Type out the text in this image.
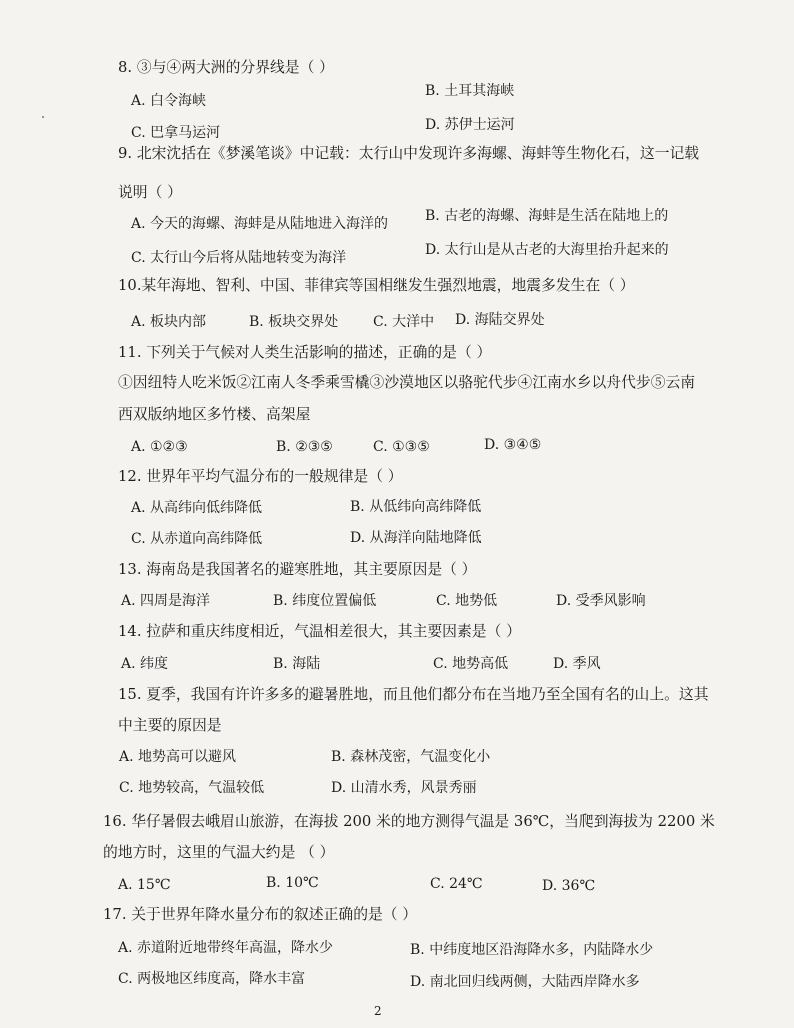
8. ③与④两大洲的分界线是（ ）
A. 白令海峡
B. 土耳其海峡
C. 巴拿马运河	D. 苏伊士运河
9. 北宋沈括在《梦溪笔谈》中记载：太行山中发现许多海螺、海蚌等生物化石，这一记载
说明（ ）
A. 今天的海螺、海蚌是从陆地进入海洋的	B. 古老的海螺、海蚌是生活在陆地上的
C. 太行山今后将从陆地转变为海洋	D. 太行山是从古老的大海里抬升起来的
10.某年海地、智利、中国、菲律宾等国相继发生强烈地震，地震多发生在（ ）
A. 板块内部	B. 板块交界处 C. 大洋中 D. 海陆交界处
11. 下列关于气候对人类生活影响的描述，正确的是（ ）
①因纽特人吃米饭②江南人冬季乘雪橇③沙漠地区以骆驼代步④江南水乡以舟代步⑤云南
西双版纳地区多竹楼、高架屋
A. ①②③	B. ②③⑤	C. ①③⑤	D. ③④⑤
12. 世界年平均气温分布的一般规律是（ ）
A. 从高纬向低纬降低	B. 从低纬向高纬降低
C. 从赤道向高纬降低	D. 从海洋向陆地降低
13. 海南岛是我国著名的避寒胜地，其主要原因是（ ）
A. 四周是海洋	B. 纬度位置偏低	C. 地势低	D. 受季风影响
14. 拉萨和重庆纬度相近，气温相差很大，其主要因素是（ ）
A. 纬度	B. 海陆	C. 地势高低	D. 季风
15. 夏季，我国有许许多多的避暑胜地，而且他们都分布在当地乃至全国有名的山上。这其
中主要的原因是
A. 地势高可以避风	B. 森林茂密，气温变化小
C. 地势较高，气温较低	D. 山清水秀，风景秀丽
16. 华仔暑假去峨眉山旅游，在海拔 200 米的地方测得气温是 36℃，当爬到海拔为 2200 米
的地方时，这里的气温大约是 （ ）
A. 15℃	B. 10℃	C. 24℃	D. 36℃
17. 关于世界年降水量分布的叙述正确的是（ ）
A. 赤道附近地带终年高温，降水少	B. 中纬度地区沿海降水多，内陆降水少
C. 两极地区纬度高，降水丰富	D. 南北回归线两侧，大陆西岸降水多
2
